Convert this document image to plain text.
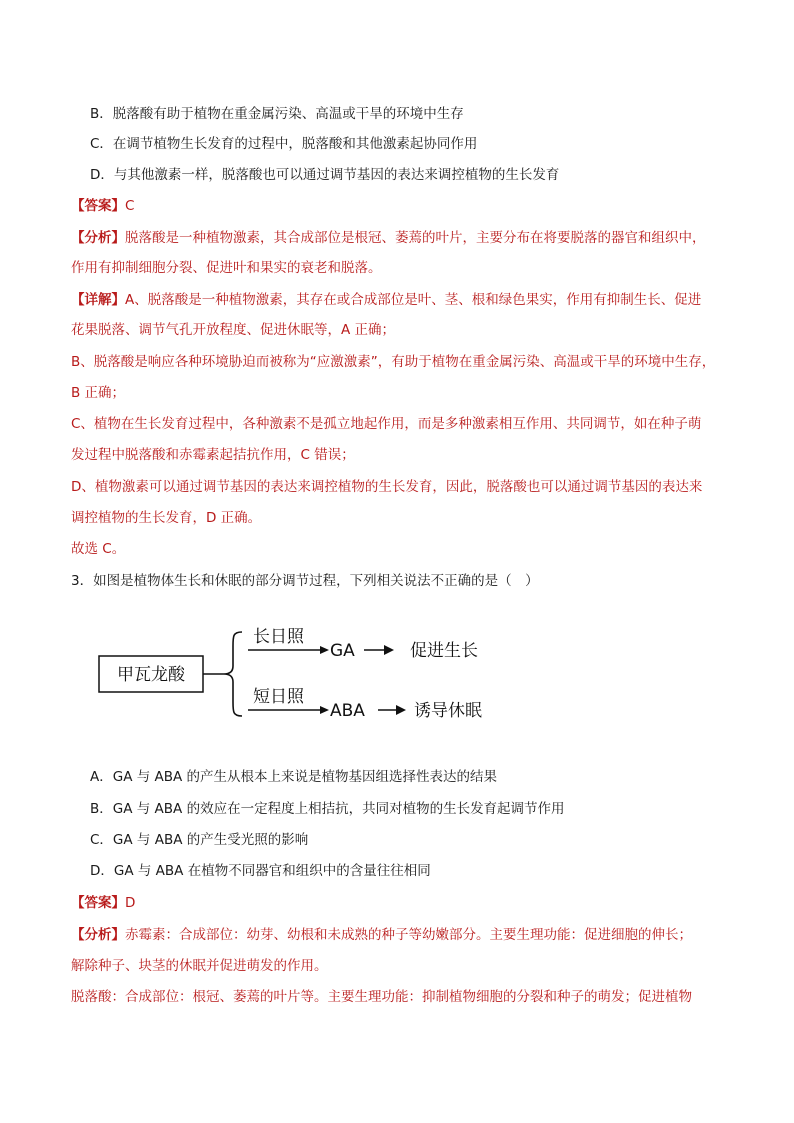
B．脱落酸有助于植物在重金属污染、高温或干旱的环境中生存
C．在调节植物生长发育的过程中，脱落酸和其他激素起协同作用
D．与其他激素一样，脱落酸也可以通过调节基因的表达来调控植物的生长发育
【答案】C
【分析】脱落酸是一种植物激素，其合成部位是根冠、萎蔫的叶片，主要分布在将要脱落的器官和组织中，
作用有抑制细胞分裂、促进叶和果实的衰老和脱落。
【详解】A、脱落酸是一种植物激素，其存在或合成部位是叶、茎、根和绿色果实，作用有抑制生长、促进
花果脱落、调节气孔开放程度、促进休眠等，A 正确；
B、脱落酸是响应各种环境胁迫而被称为“应激激素”，有助于植物在重金属污染、高温或干旱的环境中生存，
B 正确；
C、植物在生长发育过程中，各种激素不是孤立地起作用，而是多种激素相互作用、共同调节，如在种子萌
发过程中脱落酸和赤霉素起拮抗作用，C 错误；
D、植物激素可以通过调节基因的表达来调控植物的生长发育，因此，脱落酸也可以通过调节基因的表达来
调控植物的生长发育，D 正确。
故选 C。
3．如图是植物体生长和休眠的部分调节过程，下列相关说法不正确的是（　）
甲瓦龙酸
长日照
GA	促进生长
短日照
ABA	诱导休眠
A．GA 与 ABA 的产生从根本上来说是植物基因组选择性表达的结果
B．GA 与 ABA 的效应在一定程度上相拮抗，共同对植物的生长发育起调节作用
C．GA 与 ABA 的产生受光照的影响
D．GA 与 ABA 在植物不同器官和组织中的含量往往相同
【答案】D
【分析】赤霉素：合成部位：幼芽、幼根和未成熟的种子等幼嫩部分。主要生理功能：促进细胞的伸长；
解除种子、块茎的休眠并促进萌发的作用。
脱落酸：合成部位：根冠、萎蔫的叶片等。主要生理功能：抑制植物细胞的分裂和种子的萌发；促进植物
